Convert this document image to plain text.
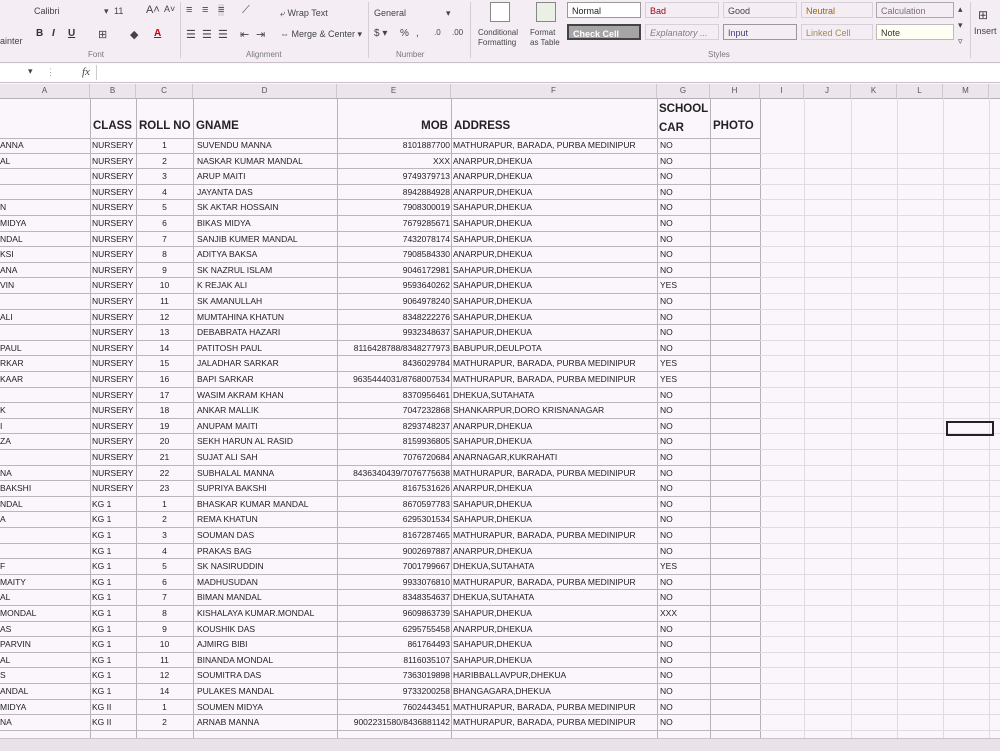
ainter
Calibri	▾ 11 A˄ A˅
B I U ⊞ ◆ A
Font
≡ ≡ ≡ ⟋
☰ ☰ ☰ ⇤ ⇥
⤶ Wrap Text
⇔ Merge & Center ▾
Alignment
General	▾
$ ▾ % , .0 .00
Number
Conditional Formatting
Format as Table
Normal	Bad	Good	Neutral	Calculation
Check Cell	Explanatory ...	Input	Linked Cell	Note
▴
▾
▿
Styles
⊞
Insert
▾ ⋮ fx
A	B	C	D	E	F	G	H	I	J	K	L	M
CLASS ROLL NO GNAME	MOB ADDRESS
SCHOOL CAR	PHOTO
ANNA	NURSERY	1	SUVENDU MANNA	8101887700 MATHURAPUR, BARADA, PURBA MEDINIPUR	NO
AL	NURSERY	2	NASKAR KUMAR MANDAL	XXX ANARPUR,DHEKUA	NO
NURSERY	3	ARUP MAITI	9749379713 ANARPUR,DHEKUA	NO
NURSERY	4	JAYANTA DAS	8942884928 ANARPUR,DHEKUA	NO
N	NURSERY	5	SK AKTAR HOSSAIN	7908300019 SAHAPUR,DHEKUA	NO
MIDYA	NURSERY	6	BIKAS MIDYA	7679285671 SAHAPUR,DHEKUA	NO
NDAL	NURSERY	7	SANJIB KUMER MANDAL	7432078174 SAHAPUR,DHEKUA	NO
KSI	NURSERY	8	ADITYA BAKSA	7908584330 ANARPUR,DHEKUA	NO
ANA	NURSERY	9	SK NAZRUL ISLAM	9046172981 SAHAPUR,DHEKUA	NO
VIN	NURSERY	10	K REJAK ALI	9593640262 SAHAPUR,DHEKUA	YES
NURSERY	11	SK AMANULLAH	9064978240 SAHAPUR,DHEKUA	NO
ALI	NURSERY	12	MUMTAHINA KHATUN	8348222276 SAHAPUR,DHEKUA	NO
NURSERY	13	DEBABRATA HAZARI	9932348637 SAHAPUR,DHEKUA	NO
PAUL	NURSERY	14	PATITOSH PAUL	8116428788/8348277973 BABUPUR,DEULPOTA	NO
RKAR	NURSERY	15	JALADHAR SARKAR	8436029784 MATHURAPUR, BARADA, PURBA MEDINIPUR	YES
KAAR	NURSERY	16	BAPI SARKAR	9635444031/8768007534 MATHURAPUR, BARADA, PURBA MEDINIPUR	YES
NURSERY	17	WASIM AKRAM KHAN	8370956461 DHEKUA,SUTAHATA	NO
K	NURSERY	18	ANKAR MALLIK	7047232868 SHANKARPUR,DORO KRISNANAGAR	NO
I	NURSERY	19	ANUPAM MAITI	8293748237 ANARPUR,DHEKUA	NO
ZA	NURSERY	20	SEKH HARUN AL RASID	8159936805 SAHAPUR,DHEKUA	NO
NURSERY	21	SUJAT ALI SAH	7076720684 ANARNAGAR,KUKRAHATI	NO
NA	NURSERY	22	SUBHALAL MANNA	8436340439/7076775638 MATHURAPUR, BARADA, PURBA MEDINIPUR	NO
BAKSHI	NURSERY	23	SUPRIYA BAKSHI	8167531626 ANARPUR,DHEKUA	NO
NDAL	KG 1	1	BHASKAR KUMAR MANDAL	8670597783 SAHAPUR,DHEKUA	NO
A	KG 1	2	REMA KHATUN	6295301534 SAHAPUR,DHEKUA	NO
KG 1	3	SOUMAN DAS	8167287465 MATHURAPUR, BARADA, PURBA MEDINIPUR	NO
KG 1	4	PRAKAS BAG	9002697887 ANARPUR,DHEKUA	NO
F	KG 1	5	SK NASIRUDDIN	7001799667 DHEKUA,SUTAHATA	YES
MAITY	KG 1	6	MADHUSUDAN	9933076810 MATHURAPUR, BARADA, PURBA MEDINIPUR	NO
AL	KG 1	7	BIMAN MANDAL	8348354637 DHEKUA,SUTAHATA	NO
MONDAL	KG 1	8	KISHALAYA KUMAR.MONDAL	9609863739 SAHAPUR,DHEKUA	XXX
AS	KG 1	9	KOUSHIK DAS	6295755458 ANARPUR,DHEKUA	NO
PARVIN	KG 1	10	AJMIRG BIBI	861764493 SAHAPUR,DHEKUA	NO
AL	KG 1	11	BINANDA MONDAL	8116035107 SAHAPUR,DHEKUA	NO
S	KG 1	12	SOUMITRA DAS	7363019898 HARIBBALLAVPUR,DHEKUA	NO
ANDAL	KG 1	14	PULAKES MANDAL	9733200258 BHANGAGARA,DHEKUA	NO
MIDYA	KG II	1	SOUMEN MIDYA	7602443451 MATHURAPUR, BARADA, PURBA MEDINIPUR	NO
NA	KG II	2	ARNAB MANNA	9002231580/8436881142 MATHURAPUR, BARADA, PURBA MEDINIPUR	NO
